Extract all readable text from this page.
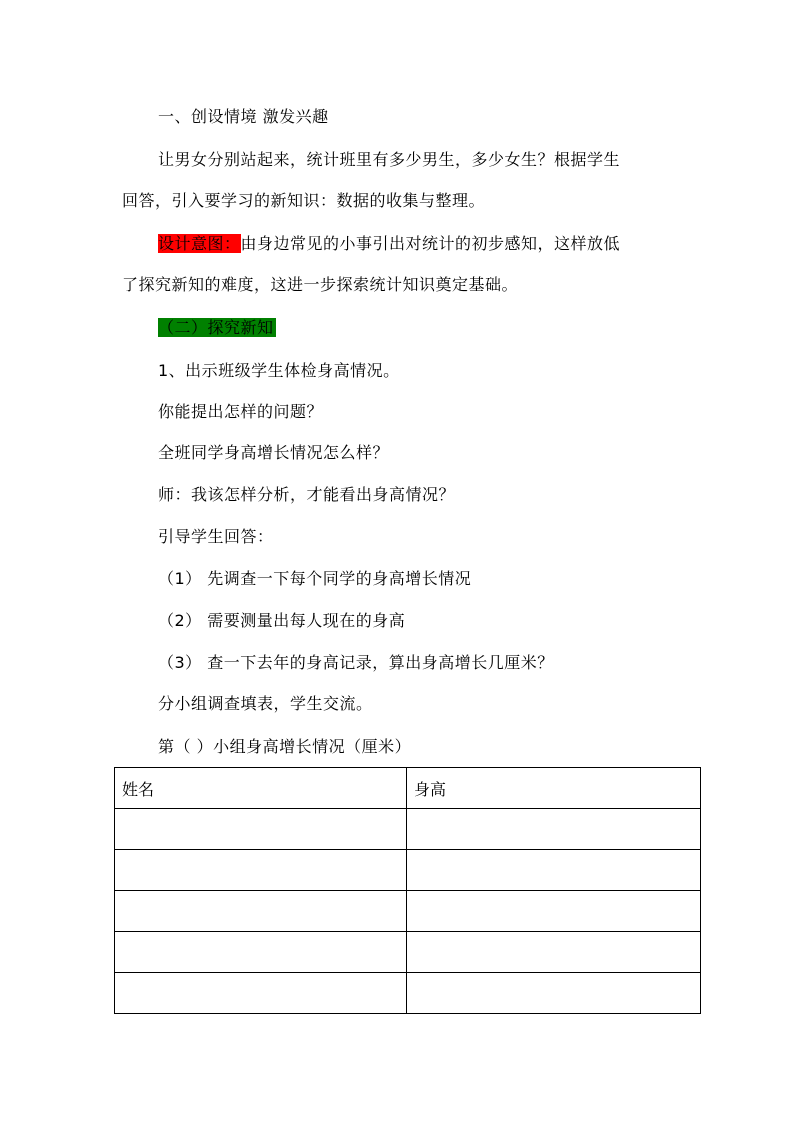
一、创设情境 激发兴趣
让男女分别站起来，统计班里有多少男生，多少女生？根据学生
回答，引入要学习的新知识：数据的收集与整理。
设计意图：由身边常见的小事引出对统计的初步感知，这样放低
了探究新知的难度，这进一步探索统计知识奠定基础。
（二）探究新知
1、出示班级学生体检身高情况。
你能提出怎样的问题？
全班同学身高增长情况怎么样？
师：我该怎样分析，才能看出身高情况？
引导学生回答：
（1） 先调查一下每个同学的身高增长情况
（2） 需要测量出每人现在的身高
（3） 查一下去年的身高记录，算出身高增长几厘米？
分小组调查填表，学生交流。
第（ ）小组身高增长情况（厘米）
姓名	身高
